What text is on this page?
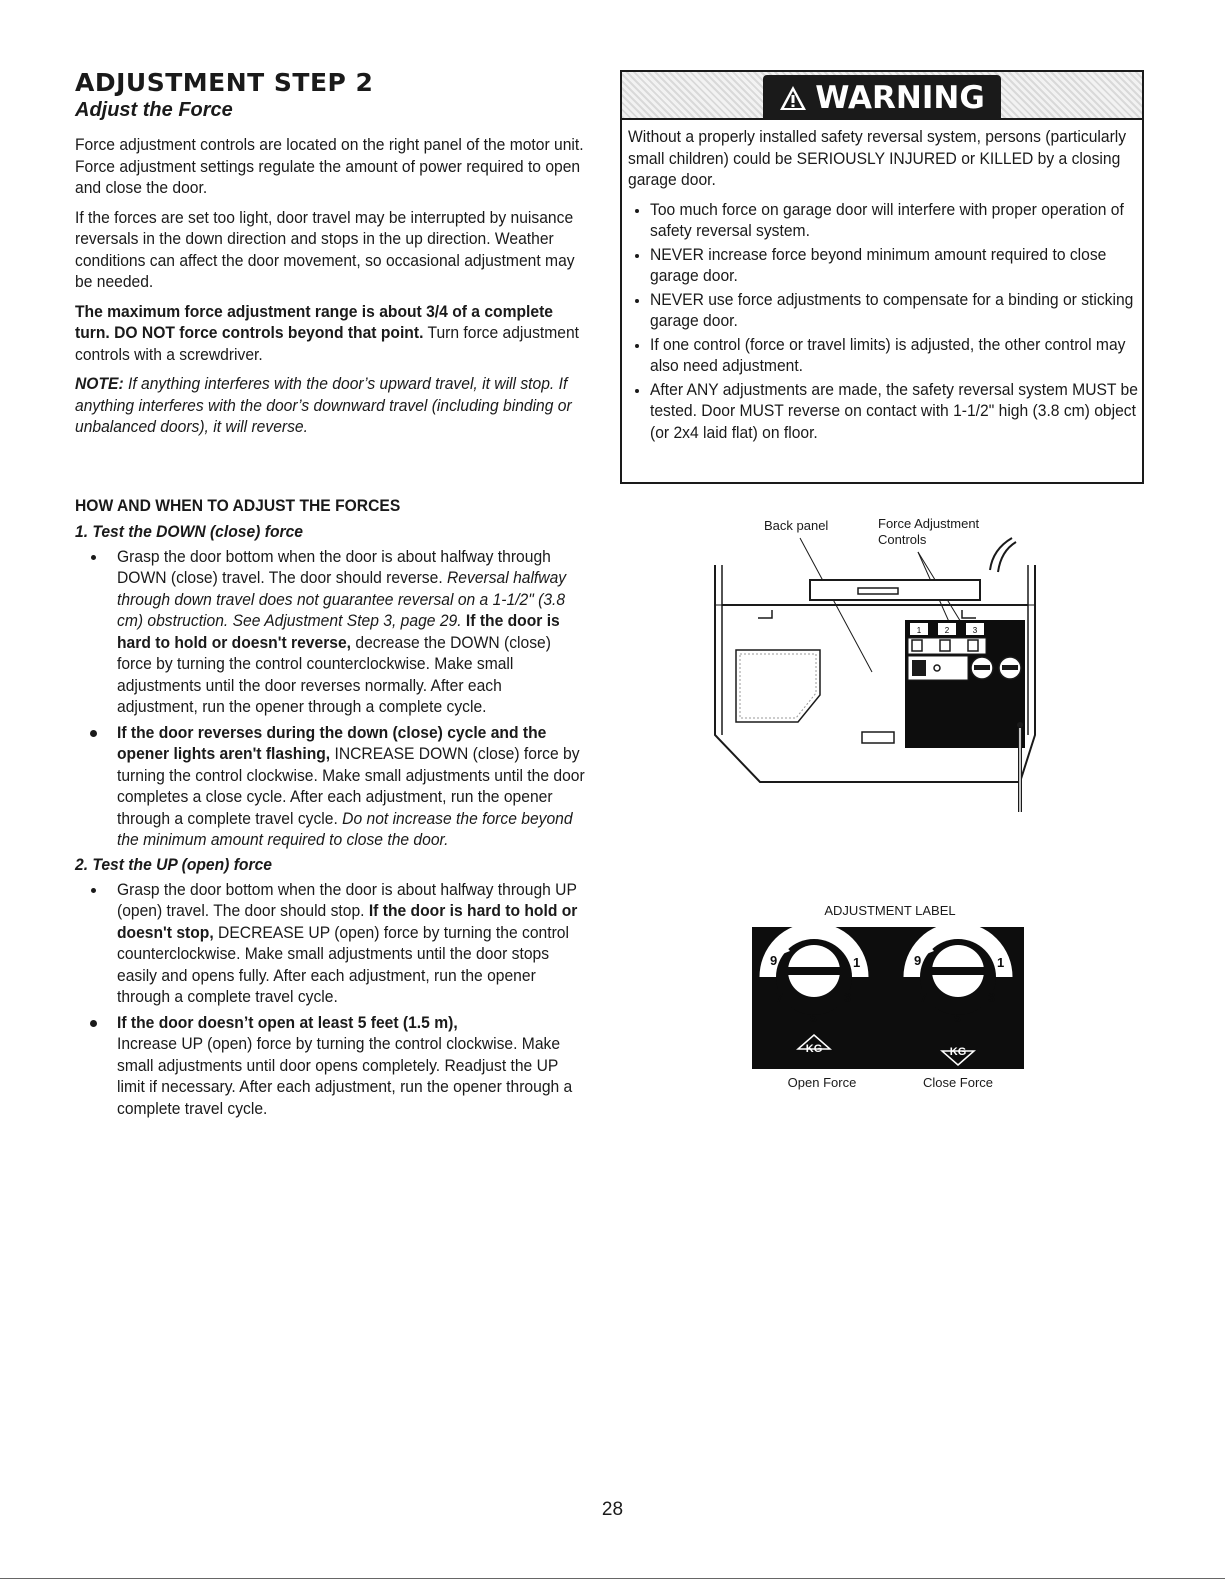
ADJUSTMENT STEP 2
Adjust the Force

Force adjustment controls are located on the right panel of the motor unit. Force adjustment settings regulate the amount of power required to open and close the door.

If the forces are set too light, door travel may be interrupted by nuisance reversals in the down direction and stops in the up direction. Weather conditions can affect the door movement, so occasional adjustment may be needed.

The maximum force adjustment range is about 3/4 of a complete turn. DO NOT force controls beyond that point. Turn force adjustment controls with a screwdriver.

NOTE: If anything interferes with the door’s upward travel, it will stop. If anything interferes with the door’s downward travel (including binding or unbalanced doors), it will reverse.

HOW AND WHEN TO ADJUST THE FORCES
1. Test the DOWN (close) force

Grasp the door bottom when the door is about halfway through DOWN (close) travel. The door should reverse. Reversal halfway through down travel does not guarantee reversal on a 1-1/2" (3.8 cm) obstruction. See Adjustment Step 3, page 29. If the door is hard to hold or doesn't reverse, decrease the DOWN (close) force by turning the control counterclockwise. Make small adjustments until the door reverses normally. After each adjustment, run the opener through a complete cycle.

If the door reverses during the down (close) cycle and the opener lights aren't flashing, INCREASE DOWN (close) force by turning the control clockwise. Make small adjustments until the door completes a close cycle. After each adjustment, run the opener through a complete travel cycle. Do not increase the force beyond the minimum amount required to close the door.

2. Test the UP (open) force

Grasp the door bottom when the door is about halfway through UP (open) travel. The door should stop. If the door is hard to hold or doesn't stop, DECREASE UP (open) force by turning the control counterclockwise. Make small adjustments until the door stops easily and opens fully. After each adjustment, run the opener through a complete travel cycle.

If the door doesn’t open at least 5 feet (1.5 m),
Increase UP (open) force by turning the control clockwise. Make small adjustments until door opens completely. Readjust the UP limit if necessary. After each adjustment, run the opener through a complete travel cycle.

WARNING

Without a properly installed safety reversal system, persons (particularly small children) could be SERIOUSLY INJURED or KILLED by a closing garage door.

Too much force on garage door will interfere with proper operation of safety reversal system.

NEVER increase force beyond minimum amount required to close garage door.

NEVER use force adjustments to compensate for a binding or sticking garage door.

If one control (force or travel limits) is adjusted, the other control may also need adjustment.

After ANY adjustments are made, the safety reversal system MUST be tested. Door MUST reverse on contact with 1-1/2" high (3.8 cm) object (or 2x4 laid flat) on floor.

Back panel	Force Adjustment
Controls
1	2	3
ADJUSTMENT LABEL
9	1
7	3
5
KG
9	1
7	3
5
KG
Open Force	Close Force
28
